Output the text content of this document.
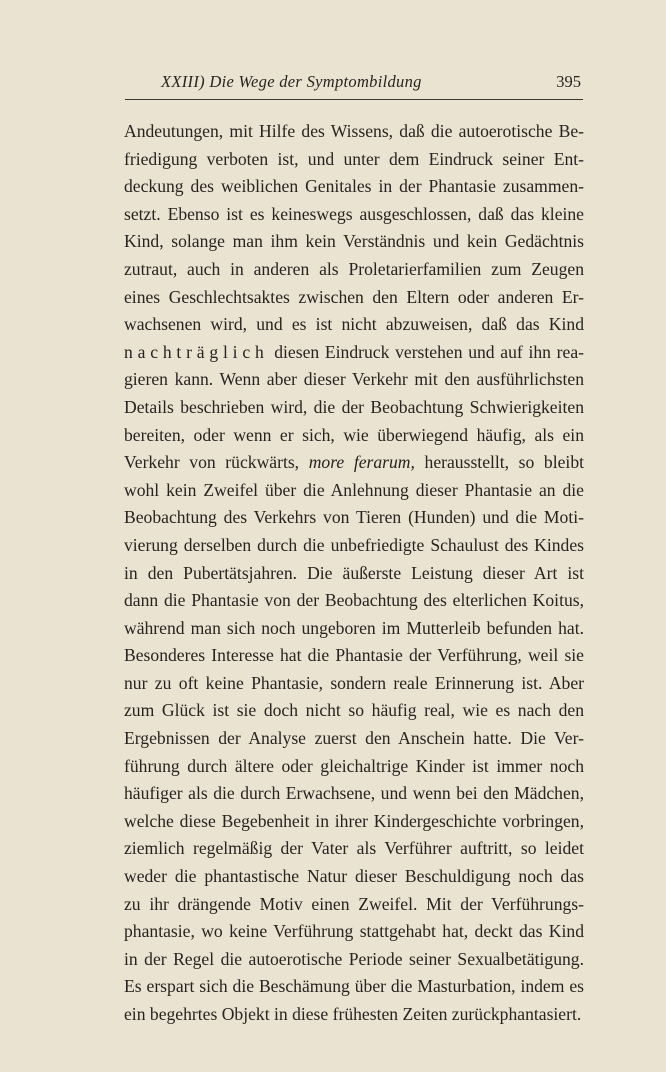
XXIII) Die Wege der Symptombildung	395
Andeutungen, mit Hilfe des Wissens, daß die autoerotische Be-
friedigung verboten ist, und unter dem Eindruck seiner Ent-
deckung des weiblichen Genitales in der Phantasie zusammen-
setzt. Ebenso ist es keineswegs ausgeschlossen, daß das kleine
Kind, solange man ihm kein Verständnis und kein Gedächtnis
zutraut, auch in anderen als Proletarierfamilien zum Zeugen
eines Geschlechtsaktes zwischen den Eltern oder anderen Er-
wachsenen wird, und es ist nicht abzuweisen, daß das Kind
nachträglich diesen Eindruck verstehen und auf ihn rea-
gieren kann. Wenn aber dieser Verkehr mit den ausführlichsten
Details beschrieben wird, die der Beobachtung Schwierigkeiten
bereiten, oder wenn er sich, wie überwiegend häufig, als ein
Verkehr von rückwärts, more ferarum, herausstellt, so bleibt
wohl kein Zweifel über die Anlehnung dieser Phantasie an die
Beobachtung des Verkehrs von Tieren (Hunden) und die Moti-
vierung derselben durch die unbefriedigte Schaulust des Kindes
in den Pubertätsjahren. Die äußerste Leistung dieser Art ist
dann die Phantasie von der Beobachtung des elterlichen Koitus,
während man sich noch ungeboren im Mutterleib befunden hat.
Besonderes Interesse hat die Phantasie der Verführung, weil sie
nur zu oft keine Phantasie, sondern reale Erinnerung ist. Aber
zum Glück ist sie doch nicht so häufig real, wie es nach den
Ergebnissen der Analyse zuerst den Anschein hatte. Die Ver-
führung durch ältere oder gleichaltrige Kinder ist immer noch
häufiger als die durch Erwachsene, und wenn bei den Mädchen,
welche diese Begebenheit in ihrer Kindergeschichte vorbringen,
ziemlich regelmäßig der Vater als Verführer auftritt, so leidet
weder die phantastische Natur dieser Beschuldigung noch das
zu ihr drängende Motiv einen Zweifel. Mit der Verführungs-
phantasie, wo keine Verführung stattgehabt hat, deckt das Kind
in der Regel die autoerotische Periode seiner Sexualbetätigung.
Es erspart sich die Beschämung über die Masturbation, indem es
ein begehrtes Objekt in diese frühesten Zeiten zurückphantasiert.
